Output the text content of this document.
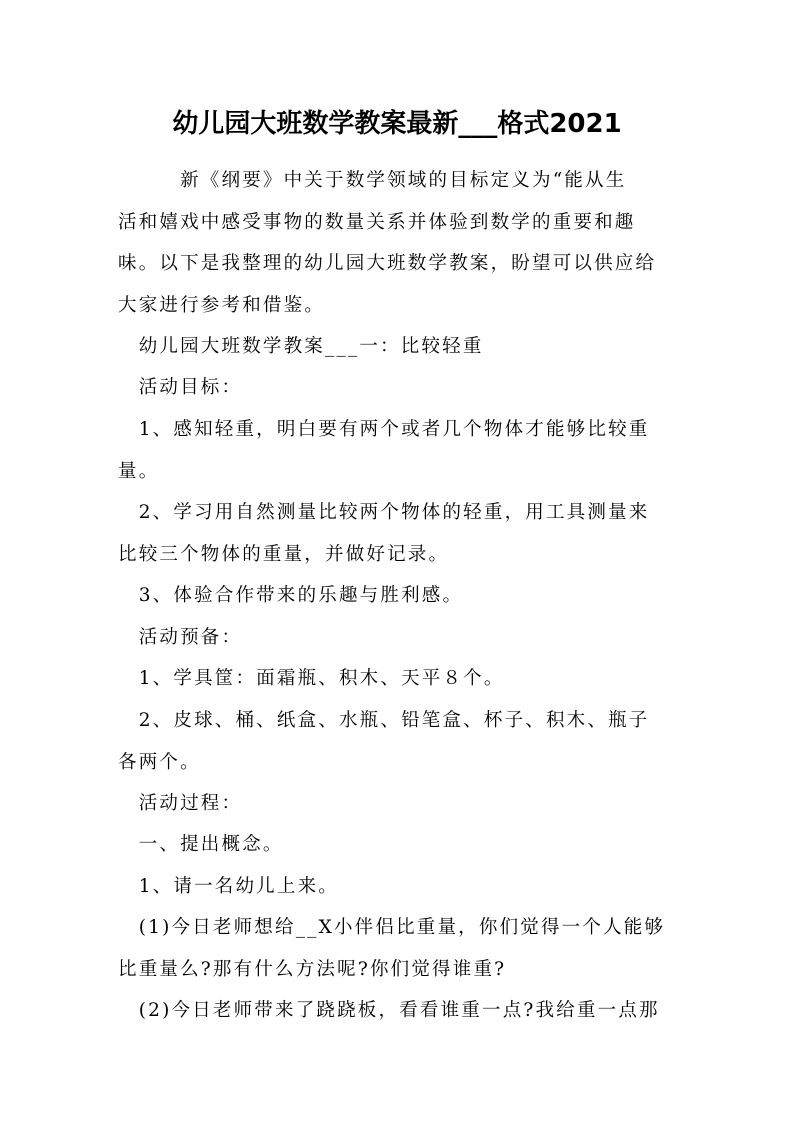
幼儿园大班数学教案最新___格式2021
　　　新《纲要》中关于数学领域的目标定义为“能从生
活和嬉戏中感受事物的数量关系并体验到数学的重要和趣
味。以下是我整理的幼儿园大班数学教案，盼望可以供应给
大家进行参考和借鉴。
　幼儿园大班数学教案___一：比较轻重
　活动目标：
　1、感知轻重，明白要有两个或者几个物体才能够比较重
量。
　2、学习用自然测量比较两个物体的轻重，用工具测量来
比较三个物体的重量，并做好记录。
　3、体验合作带来的乐趣与胜利感。
　活动预备：
　1、学具筐：面霜瓶、积木、天平８个。
　2、皮球、桶、纸盒、水瓶、铅笔盒、杯子、积木、瓶子
各两个。
　活动过程：
　一、提出概念。
　1、请一名幼儿上来。
　(1)今日老师想给__X小伴侣比重量，你们觉得一个人能够
比重量么?那有什么方法呢?你们觉得谁重?
　(2)今日老师带来了跷跷板，看看谁重一点?我给重一点那
